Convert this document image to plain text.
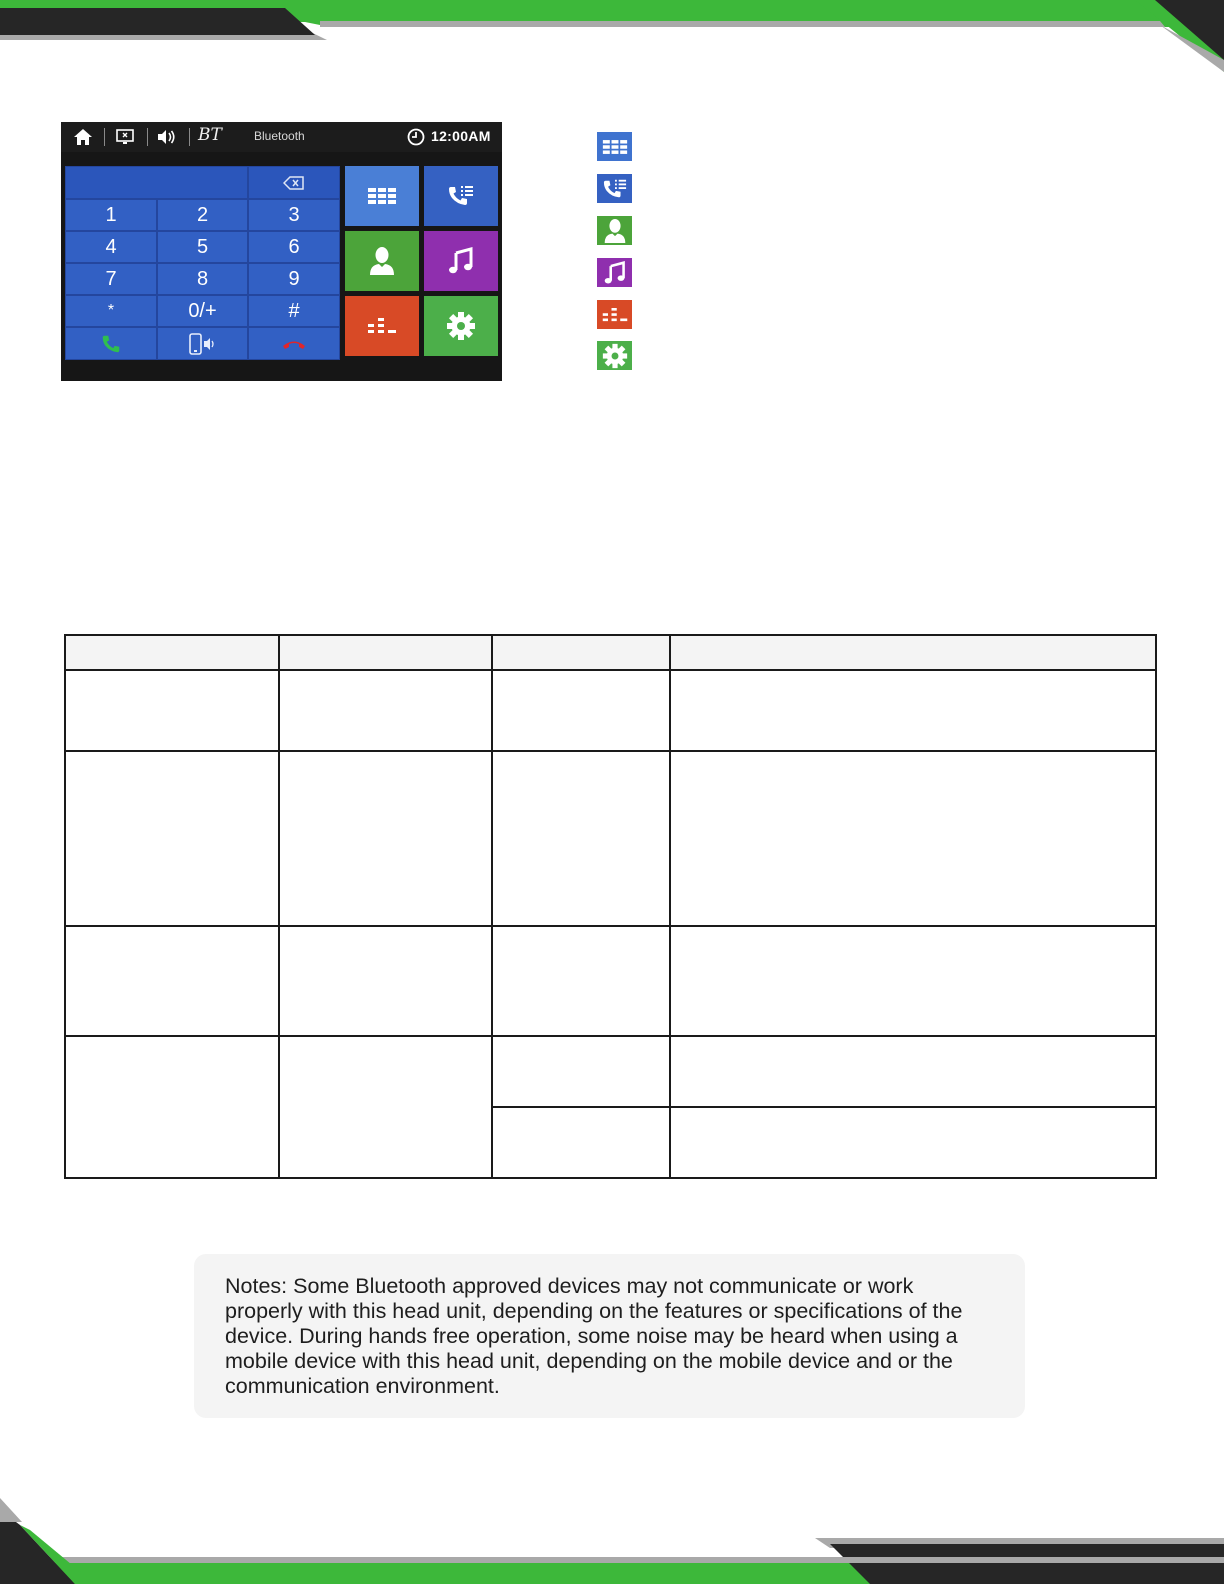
BT	Bluetooth	12:00AM
1	2	3
4	5	6
7	8	9
*	0/+	#

Notes: Some Bluetooth approved devices may not communicate or work properly with this head unit, depending on the features or specifications of the device. During hands free operation, some noise may be heard when using a mobile device with this head unit, depending on the mobile device and or the communication environment.
